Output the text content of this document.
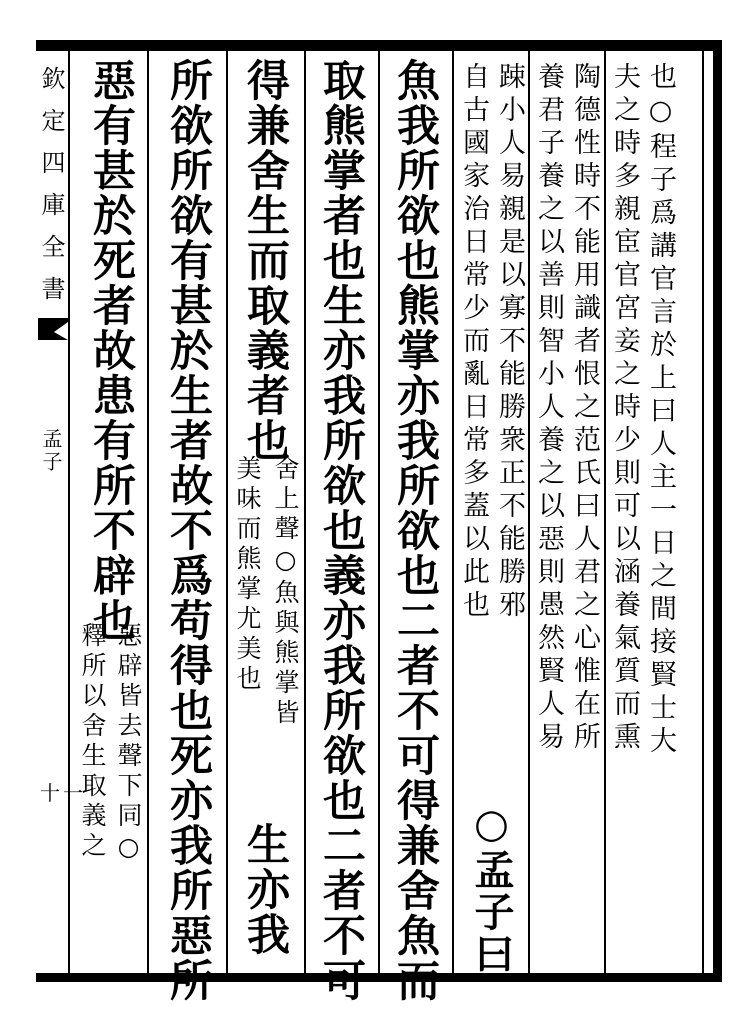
欽定四庫全書
孟子
十一
也○程子爲講官言於上曰人主一日之間接賢士大
夫之時多親宦官宮妾之時少則可以涵養氣質而熏
陶德性時不能用識者恨之范氏曰人君之心惟在所
養君子養之以善則智小人養之以惡則愚然賢人易
踈小人易親是以寡不能勝衆正不能勝邪
○孟子曰
自古國家治日常少而亂日常多蓋以此也
魚我所欲也熊掌亦我所欲也二者不可得兼舍魚而
取熊掌者也生亦我所欲也義亦我所欲也二者不可
得兼舍生而取義者也
舍上聲○魚與熊掌皆
美味而熊掌尤美也
生亦我
所欲所欲有甚於生者故不爲苟得也死亦我所惡所
惡有甚於死者故患有所不辟也
惡辟皆去聲下同○
釋所以舍生取義之
